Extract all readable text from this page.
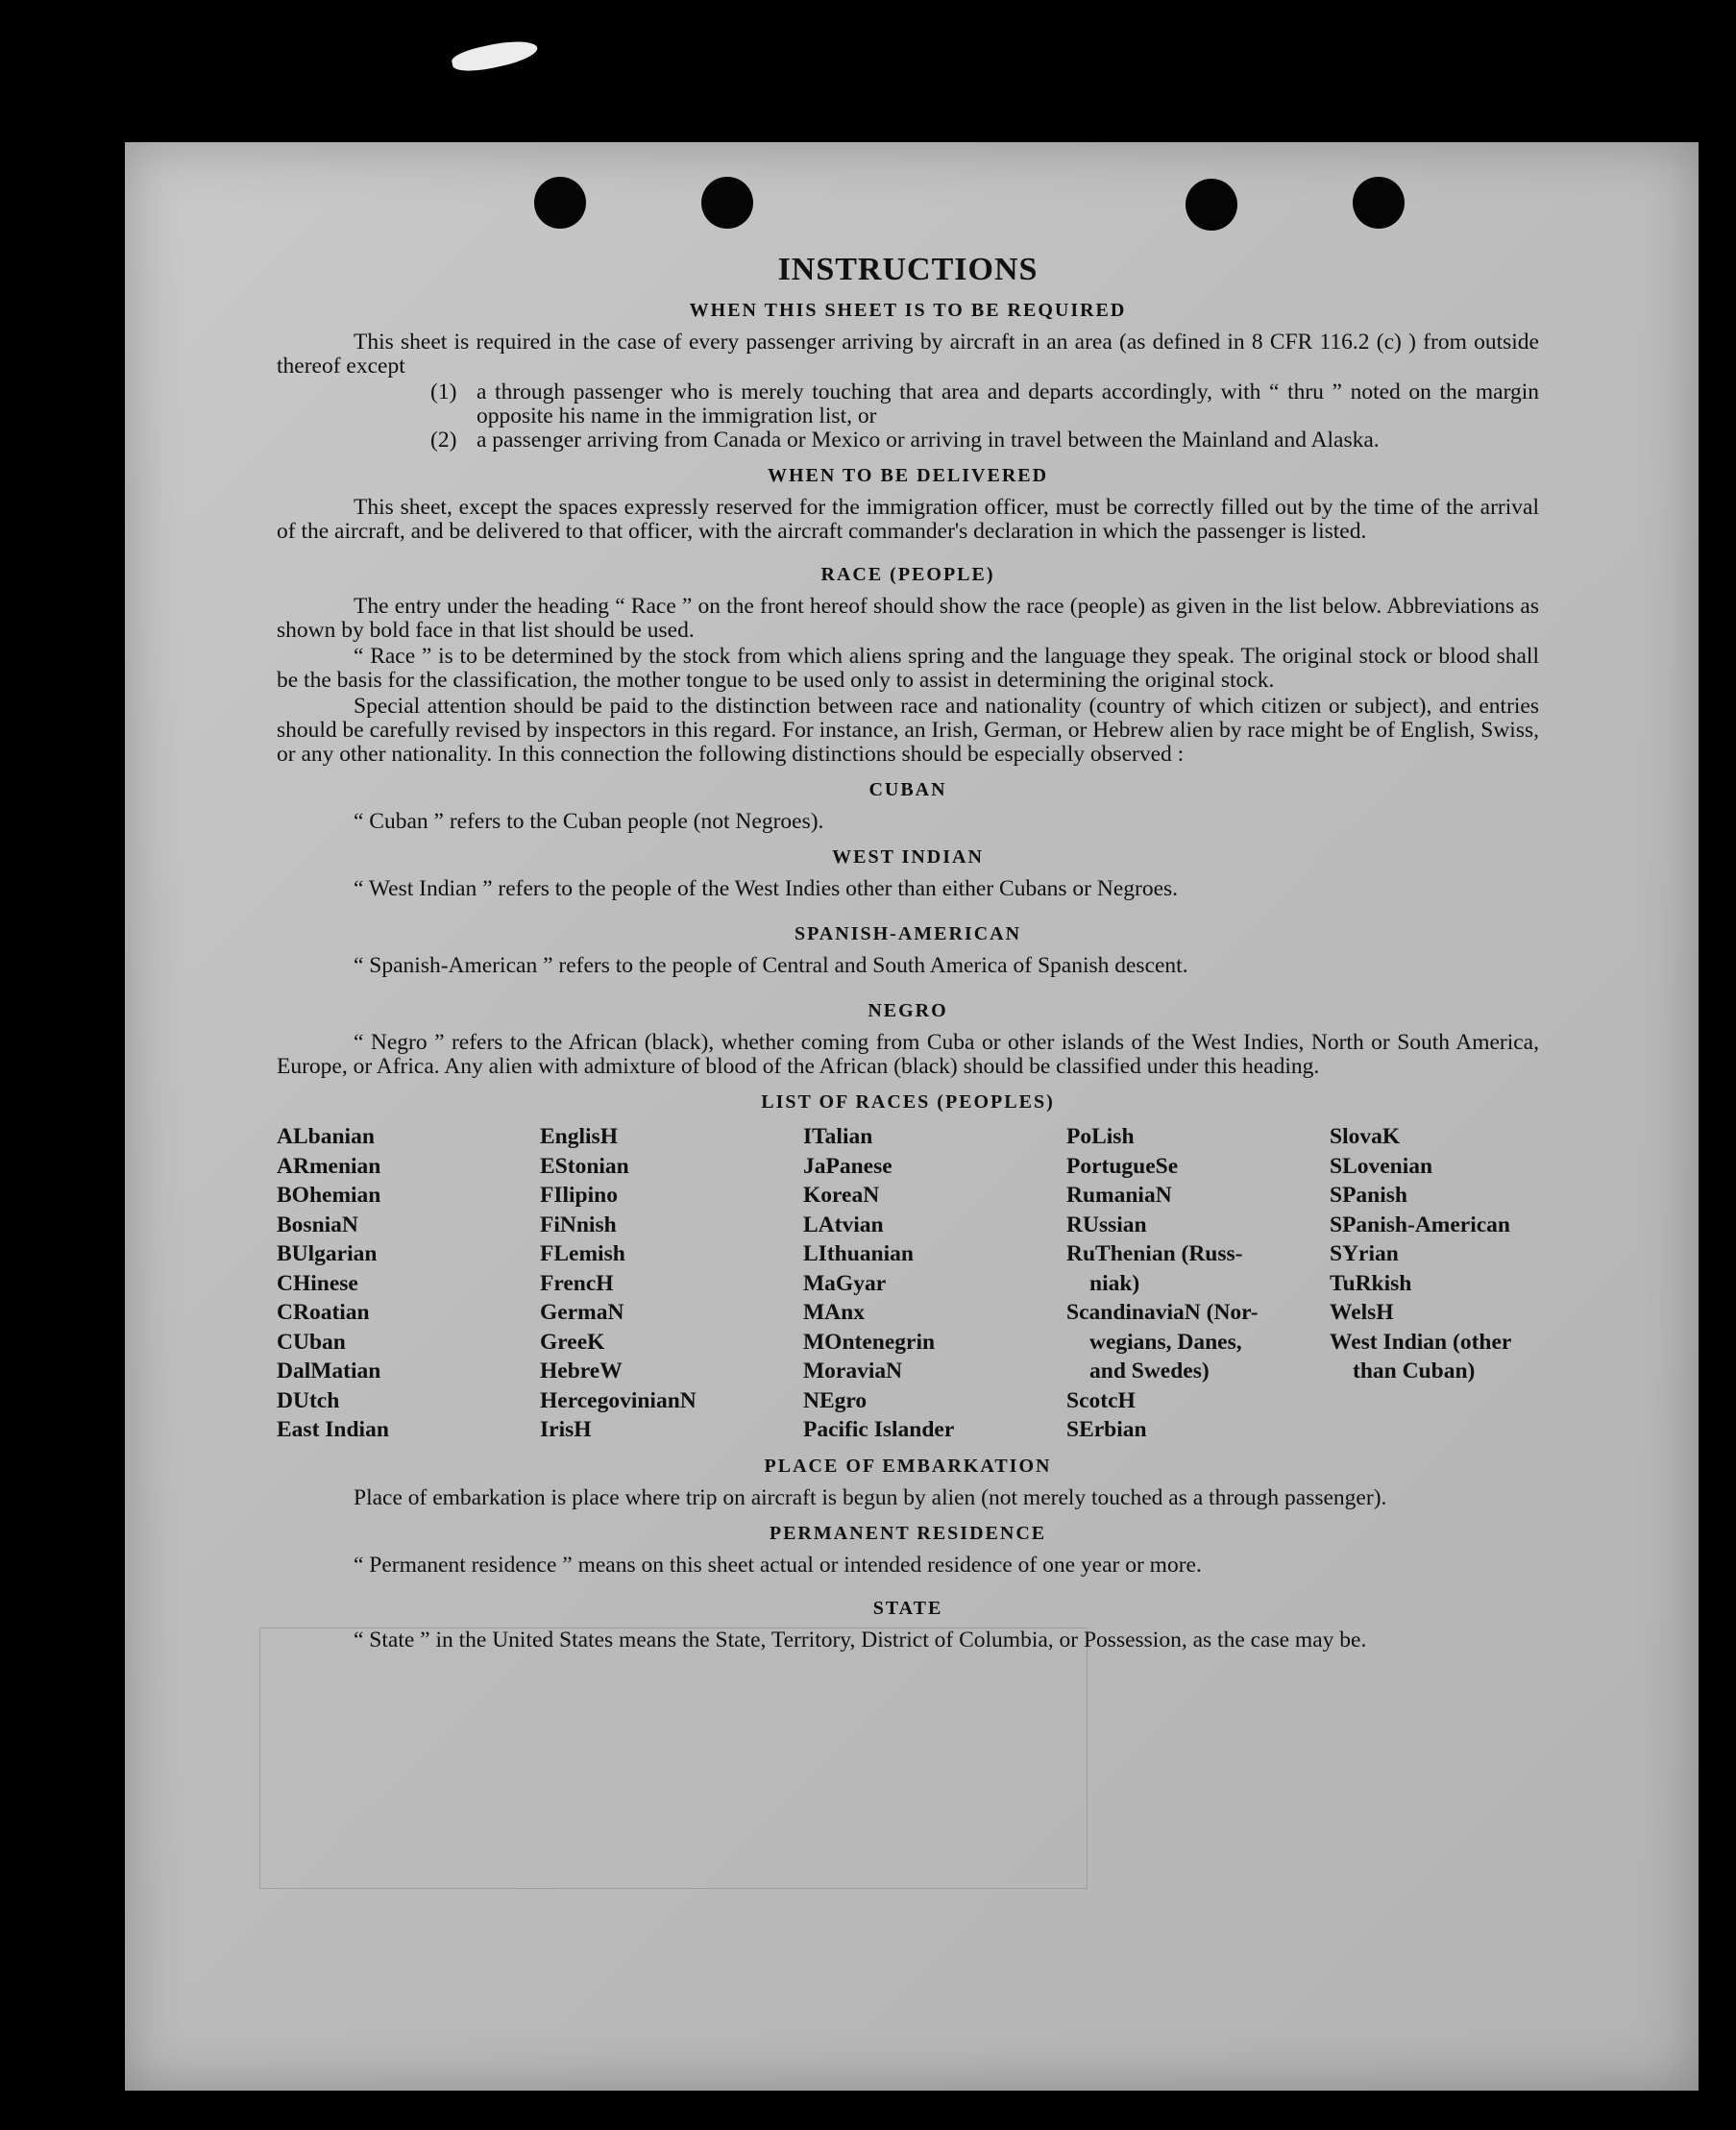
INSTRUCTIONS
WHEN THIS SHEET IS TO BE REQUIRED

This sheet is required in the case of every passenger arriving by aircraft in an area (as defined in 8 CFR 116.2 (c) ) from outside thereof except

(1) a through passenger who is merely touching that area and departs accordingly, with “ thru ” noted on the margin opposite his name in the immigration list, or
(2) a passenger arriving from Canada or Mexico or arriving in travel between the Mainland and Alaska.
WHEN TO BE DELIVERED

This sheet, except the spaces expressly reserved for the immigration officer, must be correctly filled out by the time of the arrival of the aircraft, and be delivered to that officer, with the aircraft commander's declaration in which the passenger is listed.

RACE (PEOPLE)

The entry under the heading “ Race ” on the front hereof should show the race (people) as given in the list below. Abbreviations as shown by bold face in that list should be used.

“ Race ” is to be determined by the stock from which aliens spring and the language they speak. The original stock or blood shall be the basis for the classification, the mother tongue to be used only to assist in determining the original stock.

Special attention should be paid to the distinction between race and nationality (country of which citizen or subject), and entries should be carefully revised by inspectors in this regard. For instance, an Irish, German, or Hebrew alien by race might be of English, Swiss, or any other nationality. In this connection the following distinctions should be especially observed :

CUBAN

“ Cuban ” refers to the Cuban people (not Negroes).

WEST INDIAN

“ West Indian ” refers to the people of the West Indies other than either Cubans or Negroes.

SPANISH-AMERICAN

“ Spanish-American ” refers to the people of Central and South America of Spanish descent.

NEGRO

“ Negro ” refers to the African (black), whether coming from Cuba or other islands of the West Indies, North or South America, Europe, or Africa. Any alien with admixture of blood of the African (black) should be classified under this heading.

LIST OF RACES (PEOPLES)
ALbanian
ARmenian
BOhemian
BosniaN
BUlgarian
CHinese
CRoatian
CUban
DalMatian
DUtch
East Indian
EnglisH
EStonian
FIlipino
FiNnish
FLemish
FrencH
GermaN
GreeK
HebreW
HercegovinianN
IrisH
ITalian
JaPanese
KoreaN
LAtvian
LIthuanian
MaGyar
MAnx
MOntenegrin
MoraviaN
NEgro
Pacific Islander
PoLish
PortugueSe
RumaniaN
RUssian
RuThenian (Russ-
niak)
ScandinaviaN (Nor-
wegians, Danes,
and Swedes)
ScotcH
SErbian
SlovaK
SLovenian
SPanish
SPanish-American
SYrian
TuRkish
WelsH
West Indian (other
than Cuban)
PLACE OF EMBARKATION

Place of embarkation is place where trip on aircraft is begun by alien (not merely touched as a through passenger).

PERMANENT RESIDENCE

“ Permanent residence ” means on this sheet actual or intended residence of one year or more.

STATE

“ State ” in the United States means the State, Territory, District of Columbia, or Possession, as the case may be.
